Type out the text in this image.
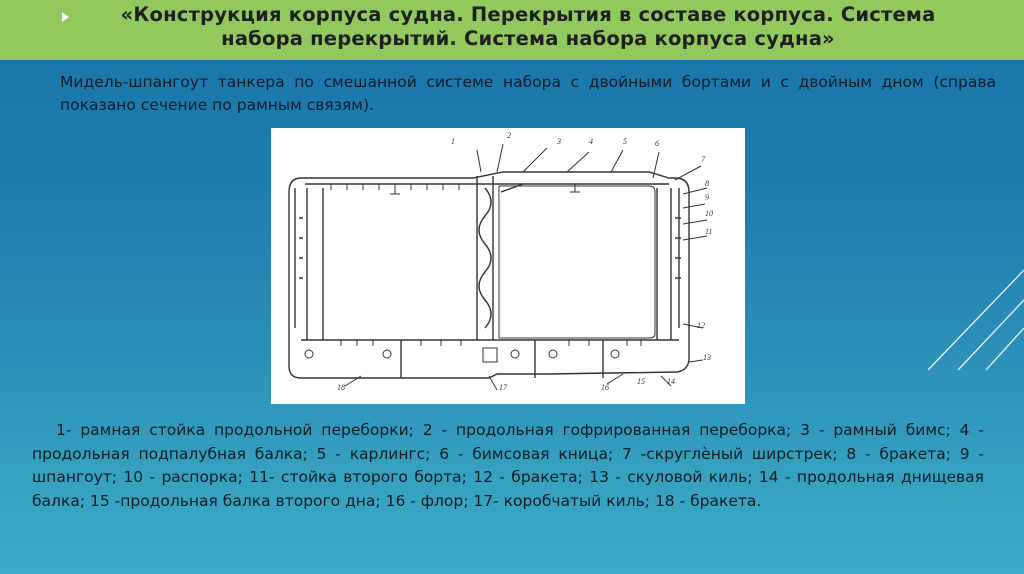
«Конструкция корпуса судна. Перекрытия в составе корпуса. Система набора перекрытий. Система набора корпуса судна»
Мидель-шпангоут танкера по смешанной системе набора с двойными бортами и с двойным дном (справа показано сечение по рамным связям).
1
2
3	4	5	6
7
8
9
10
11
12
13
14
15
16
17
18
1- рамная стойка продольной переборки; 2 - продольная гофрированная переборка; 3 - рамный бимс; 4 - продольная подпалубная балка; 5 - карлингс; 6 - бимсовая кница; 7 -скруглѐный ширстрек; 8 - бракета; 9 - шпангоут; 10 - распорка; 11- стойка второго борта; 12 - бракета; 13 - скуловой киль; 14 - продольная днищевая балка; 15 -продольная балка второго дна; 16 - флор; 17- коробчатый киль; 18 - бракета.
